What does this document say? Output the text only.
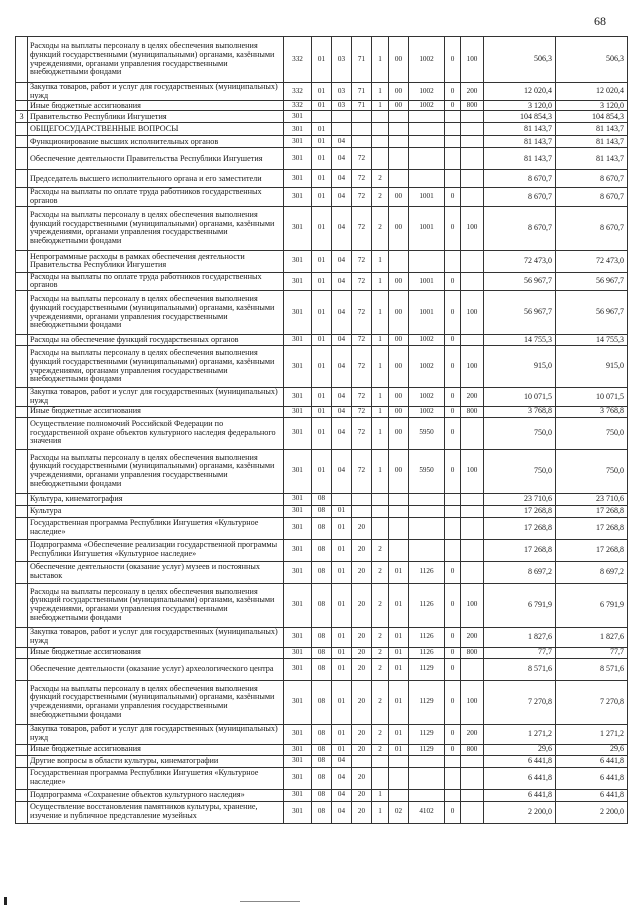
68
	Расходы на выплаты персоналу в целях обеспечения выполнения функций государственными (муниципальными) органами, казёнными учреждениями, органами управления государственными внебюджетными фондами	332	01	03	71	1	00	1002	0	100	506,3	506,3
	Закупка товаров, работ и услуг для государственных (муниципальных) нужд	332	01	03	71	1	00	1002	0	200	12 020,4	12 020,4
	Иные бюджетные ассигнования	332	01	03	71	1	00	1002	0	800	3 120,0	3 120,0
3	Правительство Республики Ингушетия	301									104 854,3	104 854,3
	ОБЩЕГОСУДАРСТВЕННЫЕ ВОПРОСЫ	301	01								81 143,7	81 143,7
	Функционирование высших исполнительных органов	301	01	04							81 143,7	81 143,7
	Обеспечение деятельности Правительства Республики Ингушетия	301	01	04	72						81 143,7	81 143,7
	Председатель высшего исполнительного органа и его заместители	301	01	04	72	2					8 670,7	8 670,7
	Расходы на выплаты по оплате труда работников государственных органов	301	01	04	72	2	00	1001	0		8 670,7	8 670,7
	Расходы на выплаты персоналу в целях обеспечения выполнения функций государственными (муниципальными) органами, казёнными учреждениями, органами управления государственными внебюджетными фондами	301	01	04	72	2	00	1001	0	100	8 670,7	8 670,7
	Непрограммные расходы в рамках обеспечения деятельности Правительства Республики Ингушетия	301	01	04	72	1					72 473,0	72 473,0
	Расходы на выплаты по оплате труда работников государственных органов	301	01	04	72	1	00	1001	0		56 967,7	56 967,7
	Расходы на выплаты персоналу в целях обеспечения выполнения функций государственными (муниципальными) органами, казёнными учреждениями, органами управления государственными внебюджетными фондами	301	01	04	72	1	00	1001	0	100	56 967,7	56 967,7
	Расходы на обеспечение функций государственных органов	301	01	04	72	1	00	1002	0		14 755,3	14 755,3
	Расходы на выплаты персоналу в целях обеспечения выполнения функций государственными (муниципальными) органами, казёнными учреждениями, органами управления государственными внебюджетными фондами	301	01	04	72	1	00	1002	0	100	915,0	915,0
	Закупка товаров, работ и услуг для государственных (муниципальных) нужд	301	01	04	72	1	00	1002	0	200	10 071,5	10 071,5
	Иные бюджетные ассигнования	301	01	04	72	1	00	1002	0	800	3 768,8	3 768,8
	Осуществление полномочий Российской Федерации по государственной охране объектов культурного наследия федерального значения	301	01	04	72	1	00	5950	0		750,0	750,0
	Расходы на выплаты персоналу в целях обеспечения выполнения функций государственными (муниципальными) органами, казёнными учреждениями, органами управления государственными внебюджетными фондами	301	01	04	72	1	00	5950	0	100	750,0	750,0
	Культура, кинематография	301	08								23 710,6	23 710,6
	Культура	301	08	01							17 268,8	17 268,8
	Государственная программа Республики Ингушетия «Культурное наследие»	301	08	01	20						17 268,8	17 268,8
	Подпрограмма «Обеспечение реализации государственной программы Республики Ингушетия «Культурное наследие»	301	08	01	20	2					17 268,8	17 268,8
	Обеспечение деятельности (оказание услуг) музеев и постоянных выставок	301	08	01	20	2	01	1126	0		8 697,2	8 697,2
	Расходы на выплаты персоналу в целях обеспечения выполнения функций государственными (муниципальными) органами, казёнными учреждениями, органами управления государственными внебюджетными фондами	301	08	01	20	2	01	1126	0	100	6 791,9	6 791,9
	Закупка товаров, работ и услуг для государственных (муниципальных) нужд	301	08	01	20	2	01	1126	0	200	1 827,6	1 827,6
	Иные бюджетные ассигнования	301	08	01	20	2	01	1126	0	800	77,7	77,7
	Обеспечение деятельности (оказание услуг) археологического центра	301	08	01	20	2	01	1129	0		8 571,6	8 571,6
	Расходы на выплаты персоналу в целях обеспечения выполнения функций государственными (муниципальными) органами, казёнными учреждениями, органами управления государственными внебюджетными фондами	301	08	01	20	2	01	1129	0	100	7 270,8	7 270,8
	Закупка товаров, работ и услуг для государственных (муниципальных) нужд	301	08	01	20	2	01	1129	0	200	1 271,2	1 271,2
	Иные бюджетные ассигнования	301	08	01	20	2	01	1129	0	800	29,6	29,6
	Другие вопросы в области культуры, кинематографии	301	08	04							6 441,8	6 441,8
	Государственная программа Республики Ингушетия «Культурное наследие»	301	08	04	20						6 441,8	6 441,8
	Подпрограмма «Сохранение объектов культурного наследия»	301	08	04	20	1					6 441,8	6 441,8
	Осуществление восстановления памятников культуры, хранение, изучение и публичное представление музейных	301	08	04	20	1	02	4102	0		2 200,0	2 200,0
